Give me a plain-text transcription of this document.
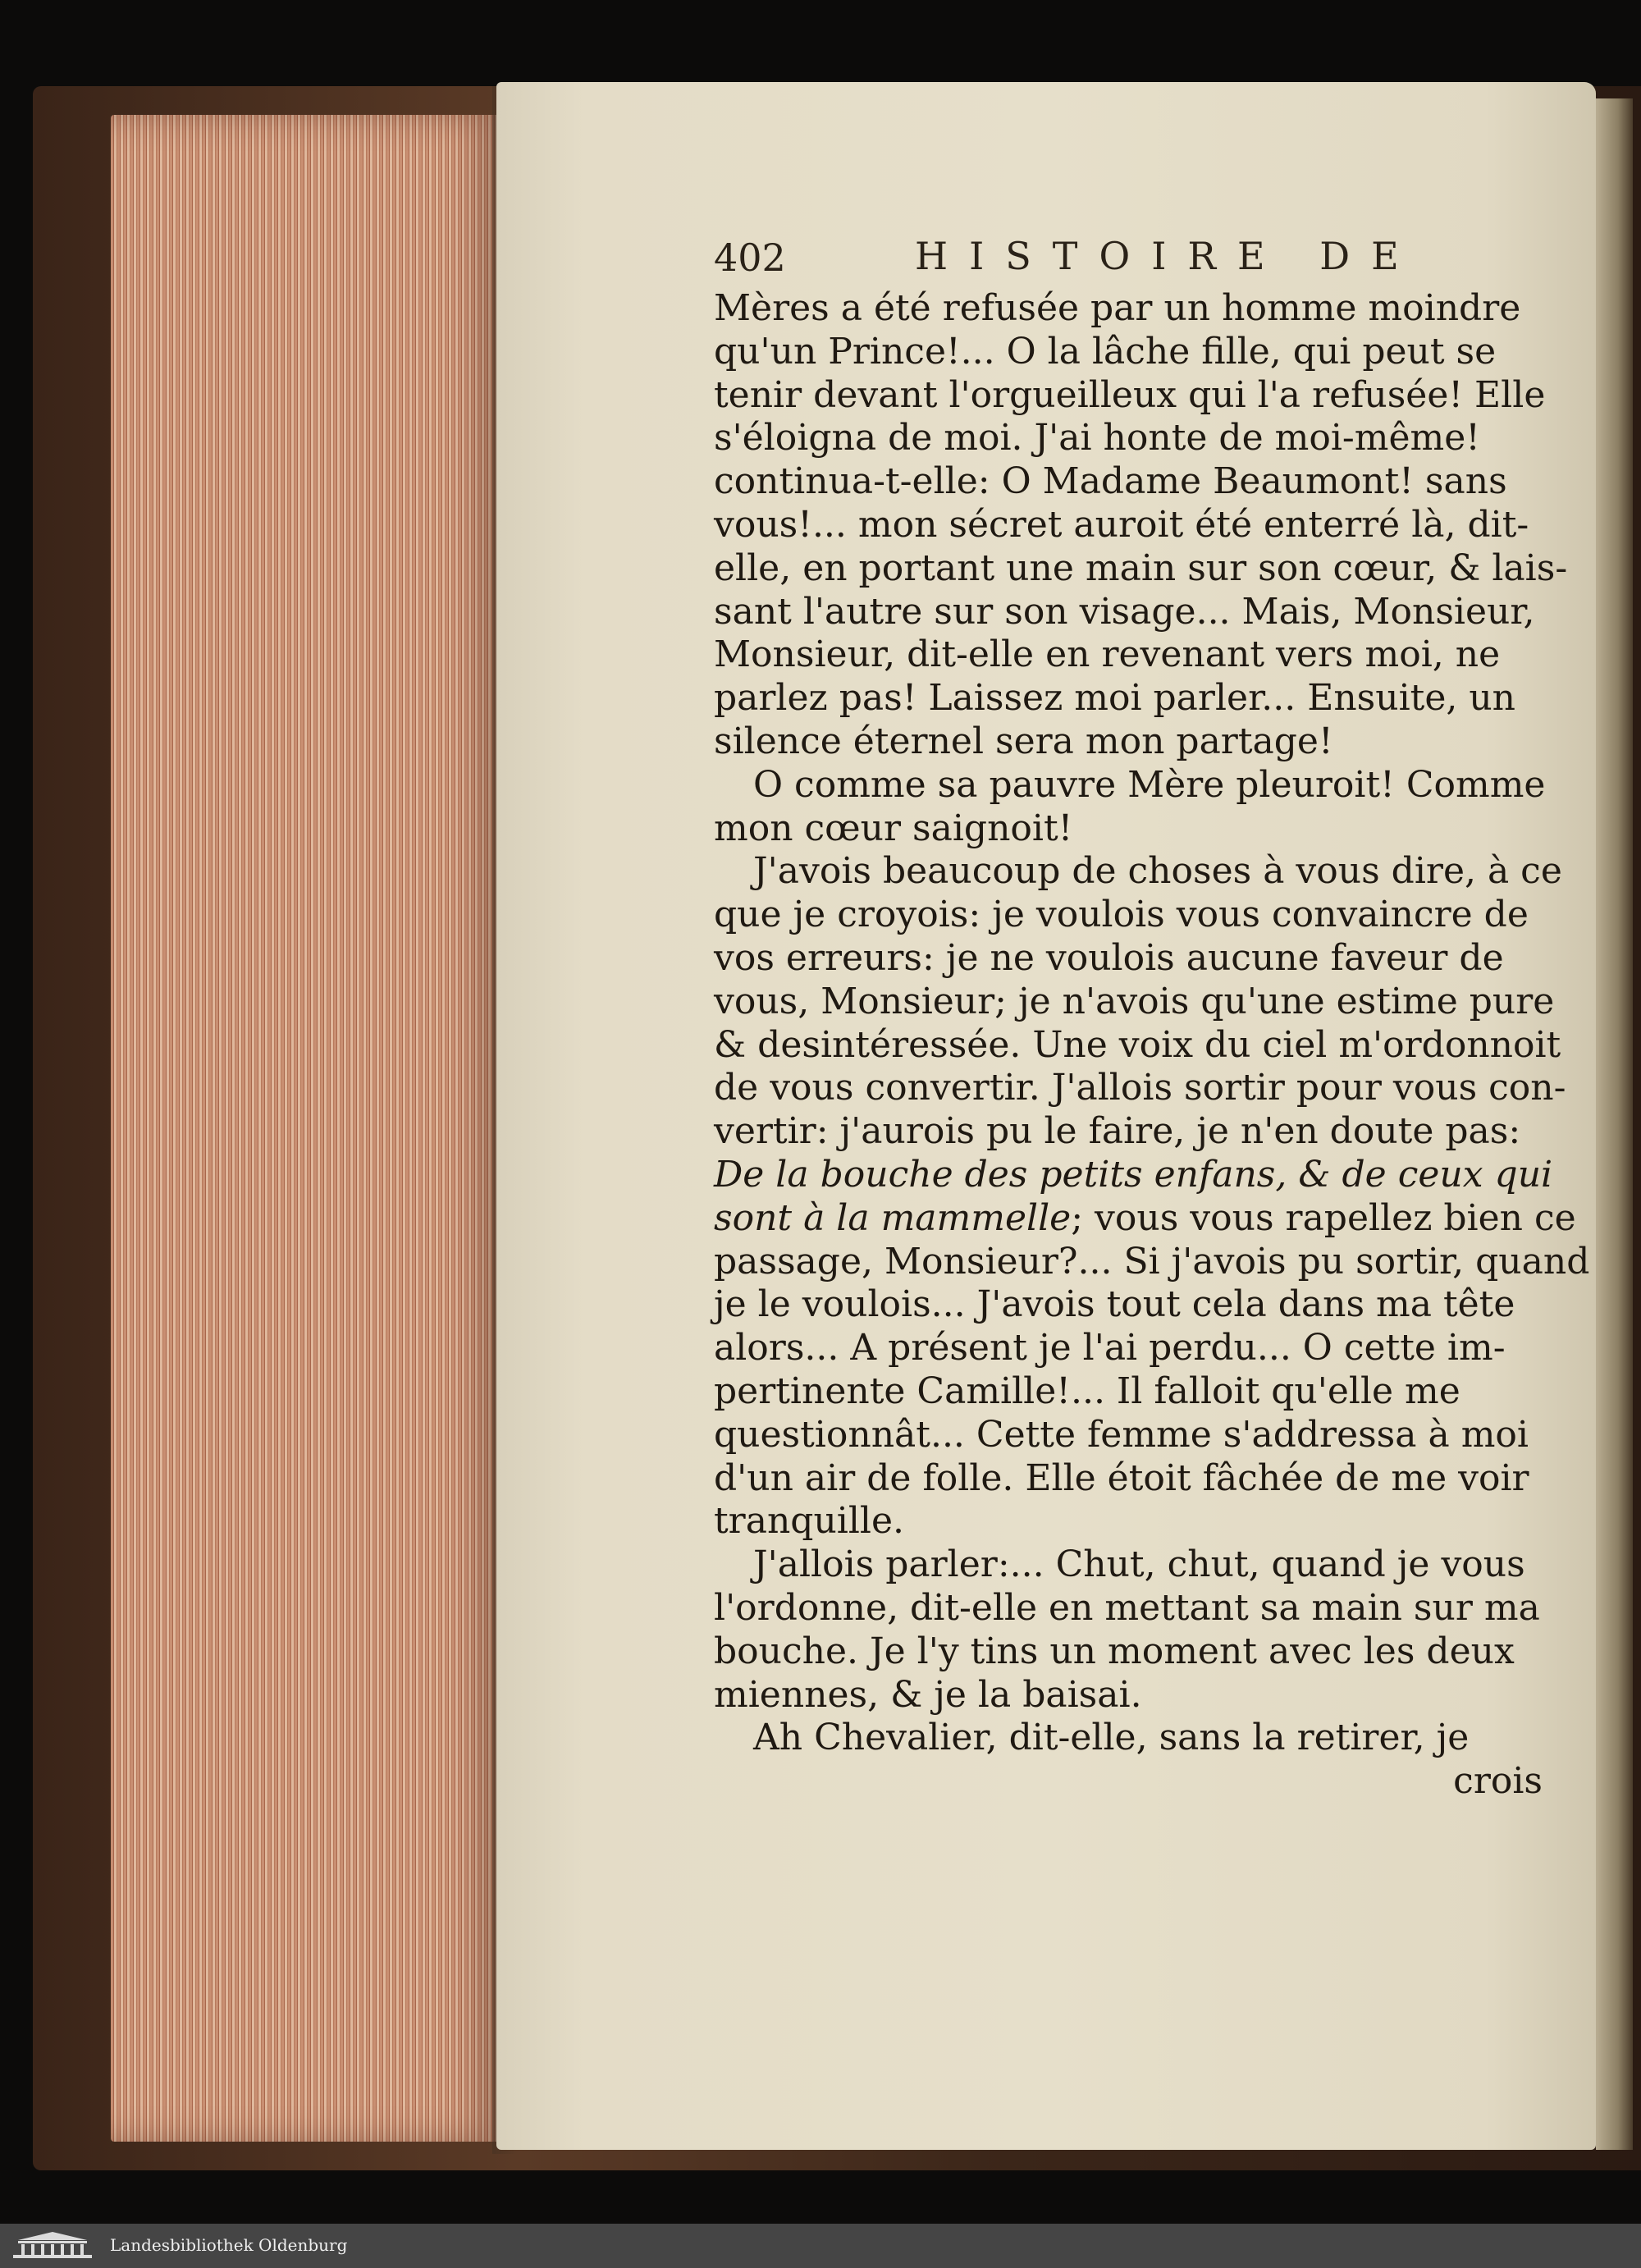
402	HISTOIRE DE

Mères a été refusée par un homme moindre
qu'un Prince!... O la lâche fille, qui peut se
tenir devant l'orgueilleux qui l'a refusée! Elle
s'éloigna de moi. J'ai honte de moi-même!
continua-t-elle: O Madame Beaumont! sans
vous!... mon sécret auroit été enterré là, dit-
elle, en portant une main sur son cœur, & lais-
sant l'autre sur son visage... Mais, Monsieur,
Monsieur, dit-elle en revenant vers moi, ne
parlez pas! Laissez moi parler... Ensuite, un
silence éternel sera mon partage!

O comme sa pauvre Mère pleuroit! Comme
mon cœur saignoit!

J'avois beaucoup de choses à vous dire, à ce
que je croyois: je voulois vous convaincre de
vos erreurs: je ne voulois aucune faveur de
vous, Monsieur; je n'avois qu'une estime pure
& desintéressée. Une voix du ciel m'ordonnoit
de vous convertir. J'allois sortir pour vous con-
vertir: j'aurois pu le faire, je n'en doute pas:
De la bouche des petits enfans, & de ceux qui
sont à la mammelle; vous vous rapellez bien ce
passage, Monsieur?... Si j'avois pu sortir, quand
je le voulois... J'avois tout cela dans ma tête
alors... A présent je l'ai perdu... O cette im-
pertinente Camille!... Il falloit qu'elle me
questionnât... Cette femme s'addressa à moi
d'un air de folle. Elle étoit fâchée de me voir
tranquille.

J'allois parler:... Chut, chut, quand je vous
l'ordonne, dit-elle en mettant sa main sur ma
bouche. Je l'y tins un moment avec les deux
miennes, & je la baisai.

Ah Chevalier, dit-elle, sans la retirer, je

crois

Landesbibliothek Oldenburg
